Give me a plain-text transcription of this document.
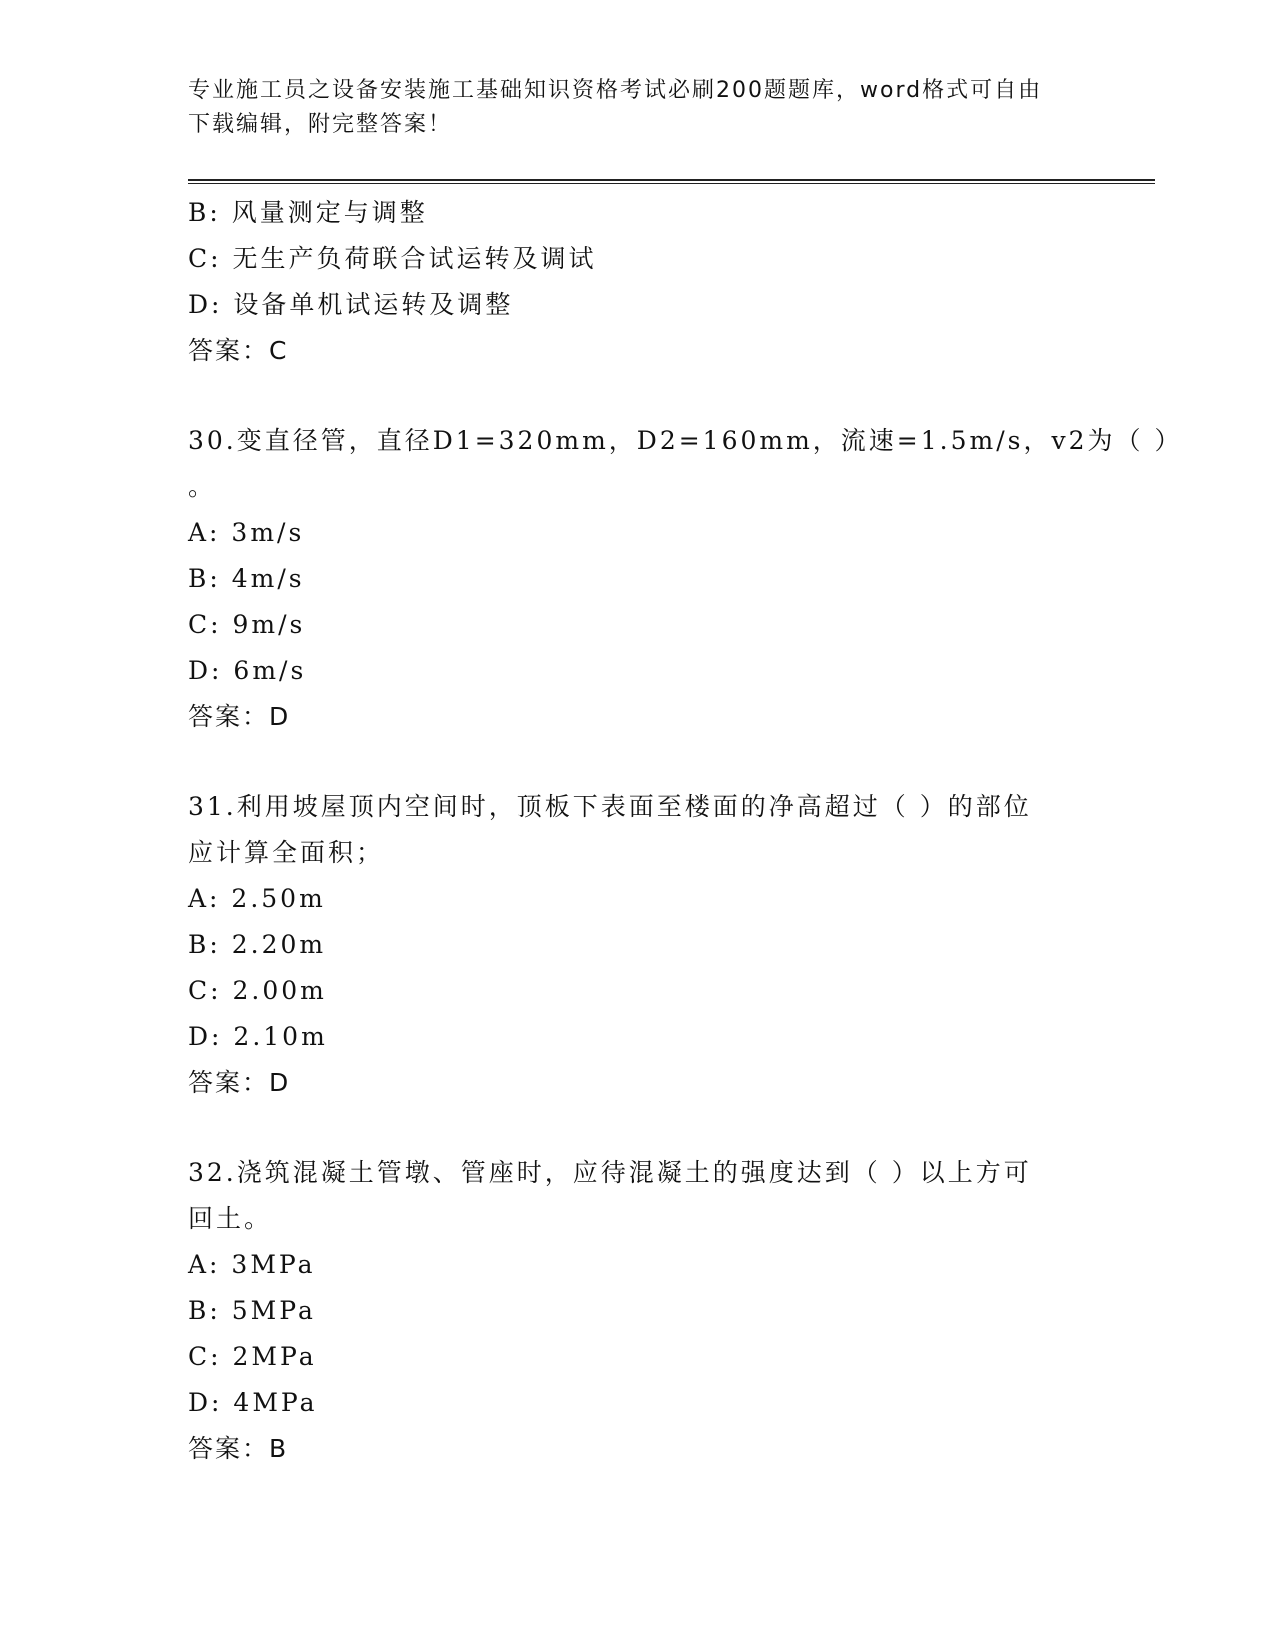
专业施工员之设备安装施工基础知识资格考试必刷200题题库，word格式可自由
下载编辑，附完整答案！
B: 风量测定与调整
C: 无生产负荷联合试运转及调试
D: 设备单机试运转及调整
答案：C
30.变直径管，直径D1=320mm，D2=160mm，流速=1.5m/s，v2为（ ）
。
A: 3m/s
B: 4m/s
C: 9m/s
D: 6m/s
答案：D
31.利用坡屋顶内空间时，顶板下表面至楼面的净高超过（ ）的部位
应计算全面积；
A: 2.50m
B: 2.20m
C: 2.00m
D: 2.10m
答案：D
32.浇筑混凝土管墩、管座时，应待混凝土的强度达到（ ）以上方可
回土。
A: 3MPa
B: 5MPa
C: 2MPa
D: 4MPa
答案：B
